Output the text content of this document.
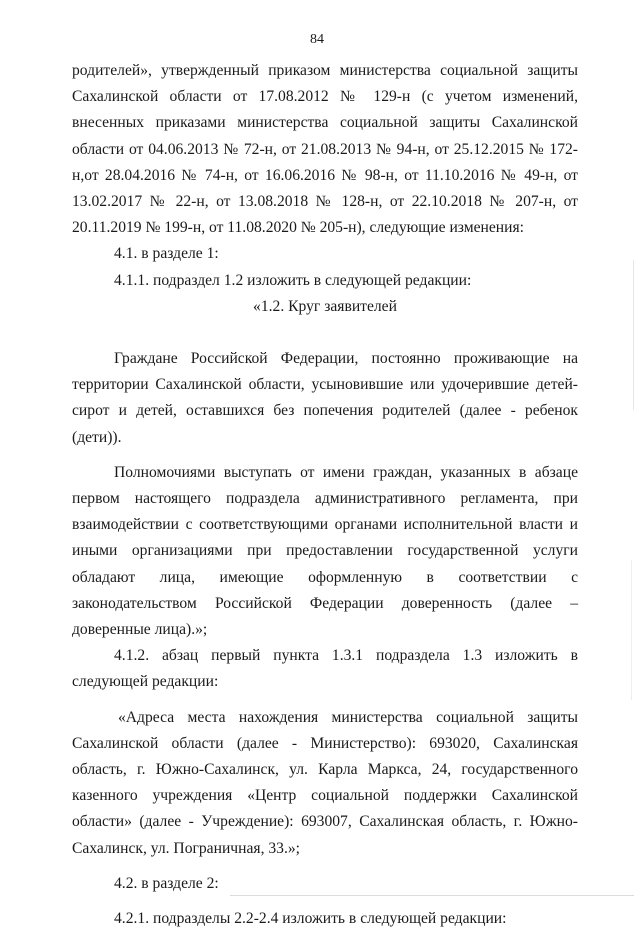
84

родителей», утвержденный приказом министерства социальной защиты Сахалинской области от 17.08.2012 № 129-н (с учетом изменений, внесенных приказами министерства социальной защиты Сахалинской области от 04.06.2013 № 72-н, от 21.08.2013 № 94-н, от 25.12.2015 № 172-н,от 28.04.2016 № 74-н, от 16.06.2016 № 98-н, от 11.10.2016 № 49-н, от 13.02.2017 № 22-н, от 13.08.2018 № 128-н, от 22.10.2018 № 207-н, от 20.11.2019 № 199-н, от 11.08.2020 № 205-н), следующие изменения:

4.1. в разделе 1:

4.1.1. подраздел 1.2 изложить в следующей редакции:

«1.2. Круг заявителей

Граждане Российской Федерации, постоянно проживающие на территории Сахалинской области, усыновившие или удочерившие детей-сирот и детей, оставшихся без попечения родителей (далее - ребенок (дети)).

Полномочиями выступать от имени граждан, указанных в абзаце первом настоящего подраздела административного регламента, при взаимодействии с соответствующими органами исполнительной власти и иными организациями при предоставлении государственной услуги обладают лица, имеющие оформленную в соответствии с законодательством Российской Федерации доверенность (далее – доверенные лица).»;

4.1.2. абзац первый пункта 1.3.1 подраздела 1.3 изложить в следующей редакции:

«Адреса места нахождения министерства социальной защиты Сахалинской области (далее - Министерство): 693020, Сахалинская область, г. Южно-Сахалинск, ул. Карла Маркса, 24, государственного казенного учреждения «Центр социальной поддержки Сахалинской области» (далее - Учреждение): 693007, Сахалинская область, г. Южно-Сахалинск, ул. Пограничная, 33.»;

4.2. в разделе 2:

4.2.1. подразделы 2.2-2.4 изложить в следующей редакции:
